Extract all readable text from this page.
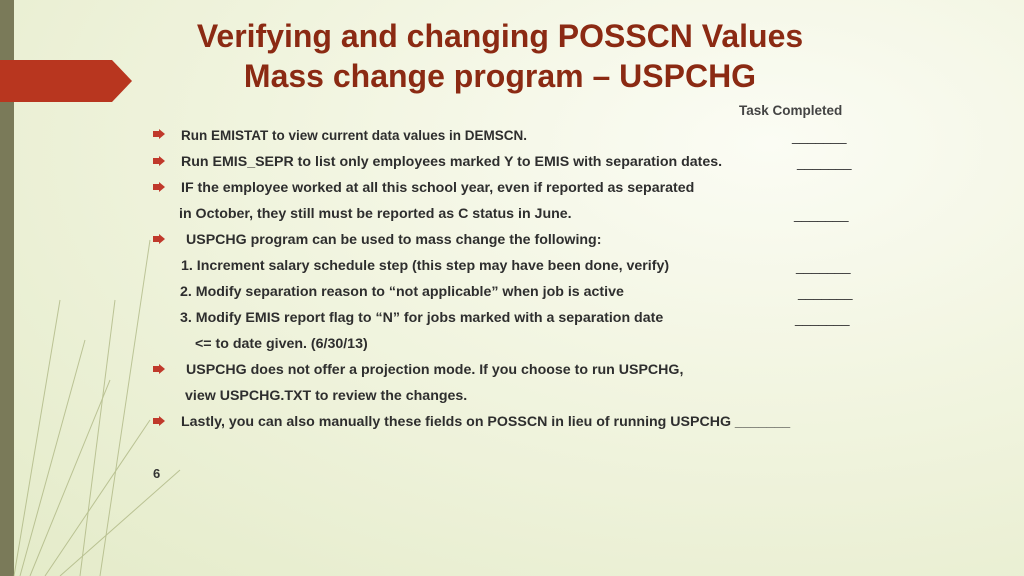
Verifying and changing POSSCN Values
Mass change program – USPCHG
Task Completed
Run EMISTAT to view current data values in DEMSCN.	_______
Run EMIS_SEPR to list only employees marked Y to EMIS with separation dates.	_______
IF the employee worked at all this school year, even if reported as separated
in October, they still must be reported as C status in June.	_______
USPCHG program can be used to mass change the following:
1. Increment salary schedule step (this step may have been done, verify)	_______
2. Modify separation reason to “not applicable” when job is active	_______
3. Modify EMIS report flag to “N” for jobs marked with a separation date	_______
<= to date given. (6/30/13)
USPCHG does not offer a projection mode. If you choose to run USPCHG,
view USPCHG.TXT to review the changes.
Lastly, you can also manually these fields on POSSCN in lieu of running USPCHG _______
6
